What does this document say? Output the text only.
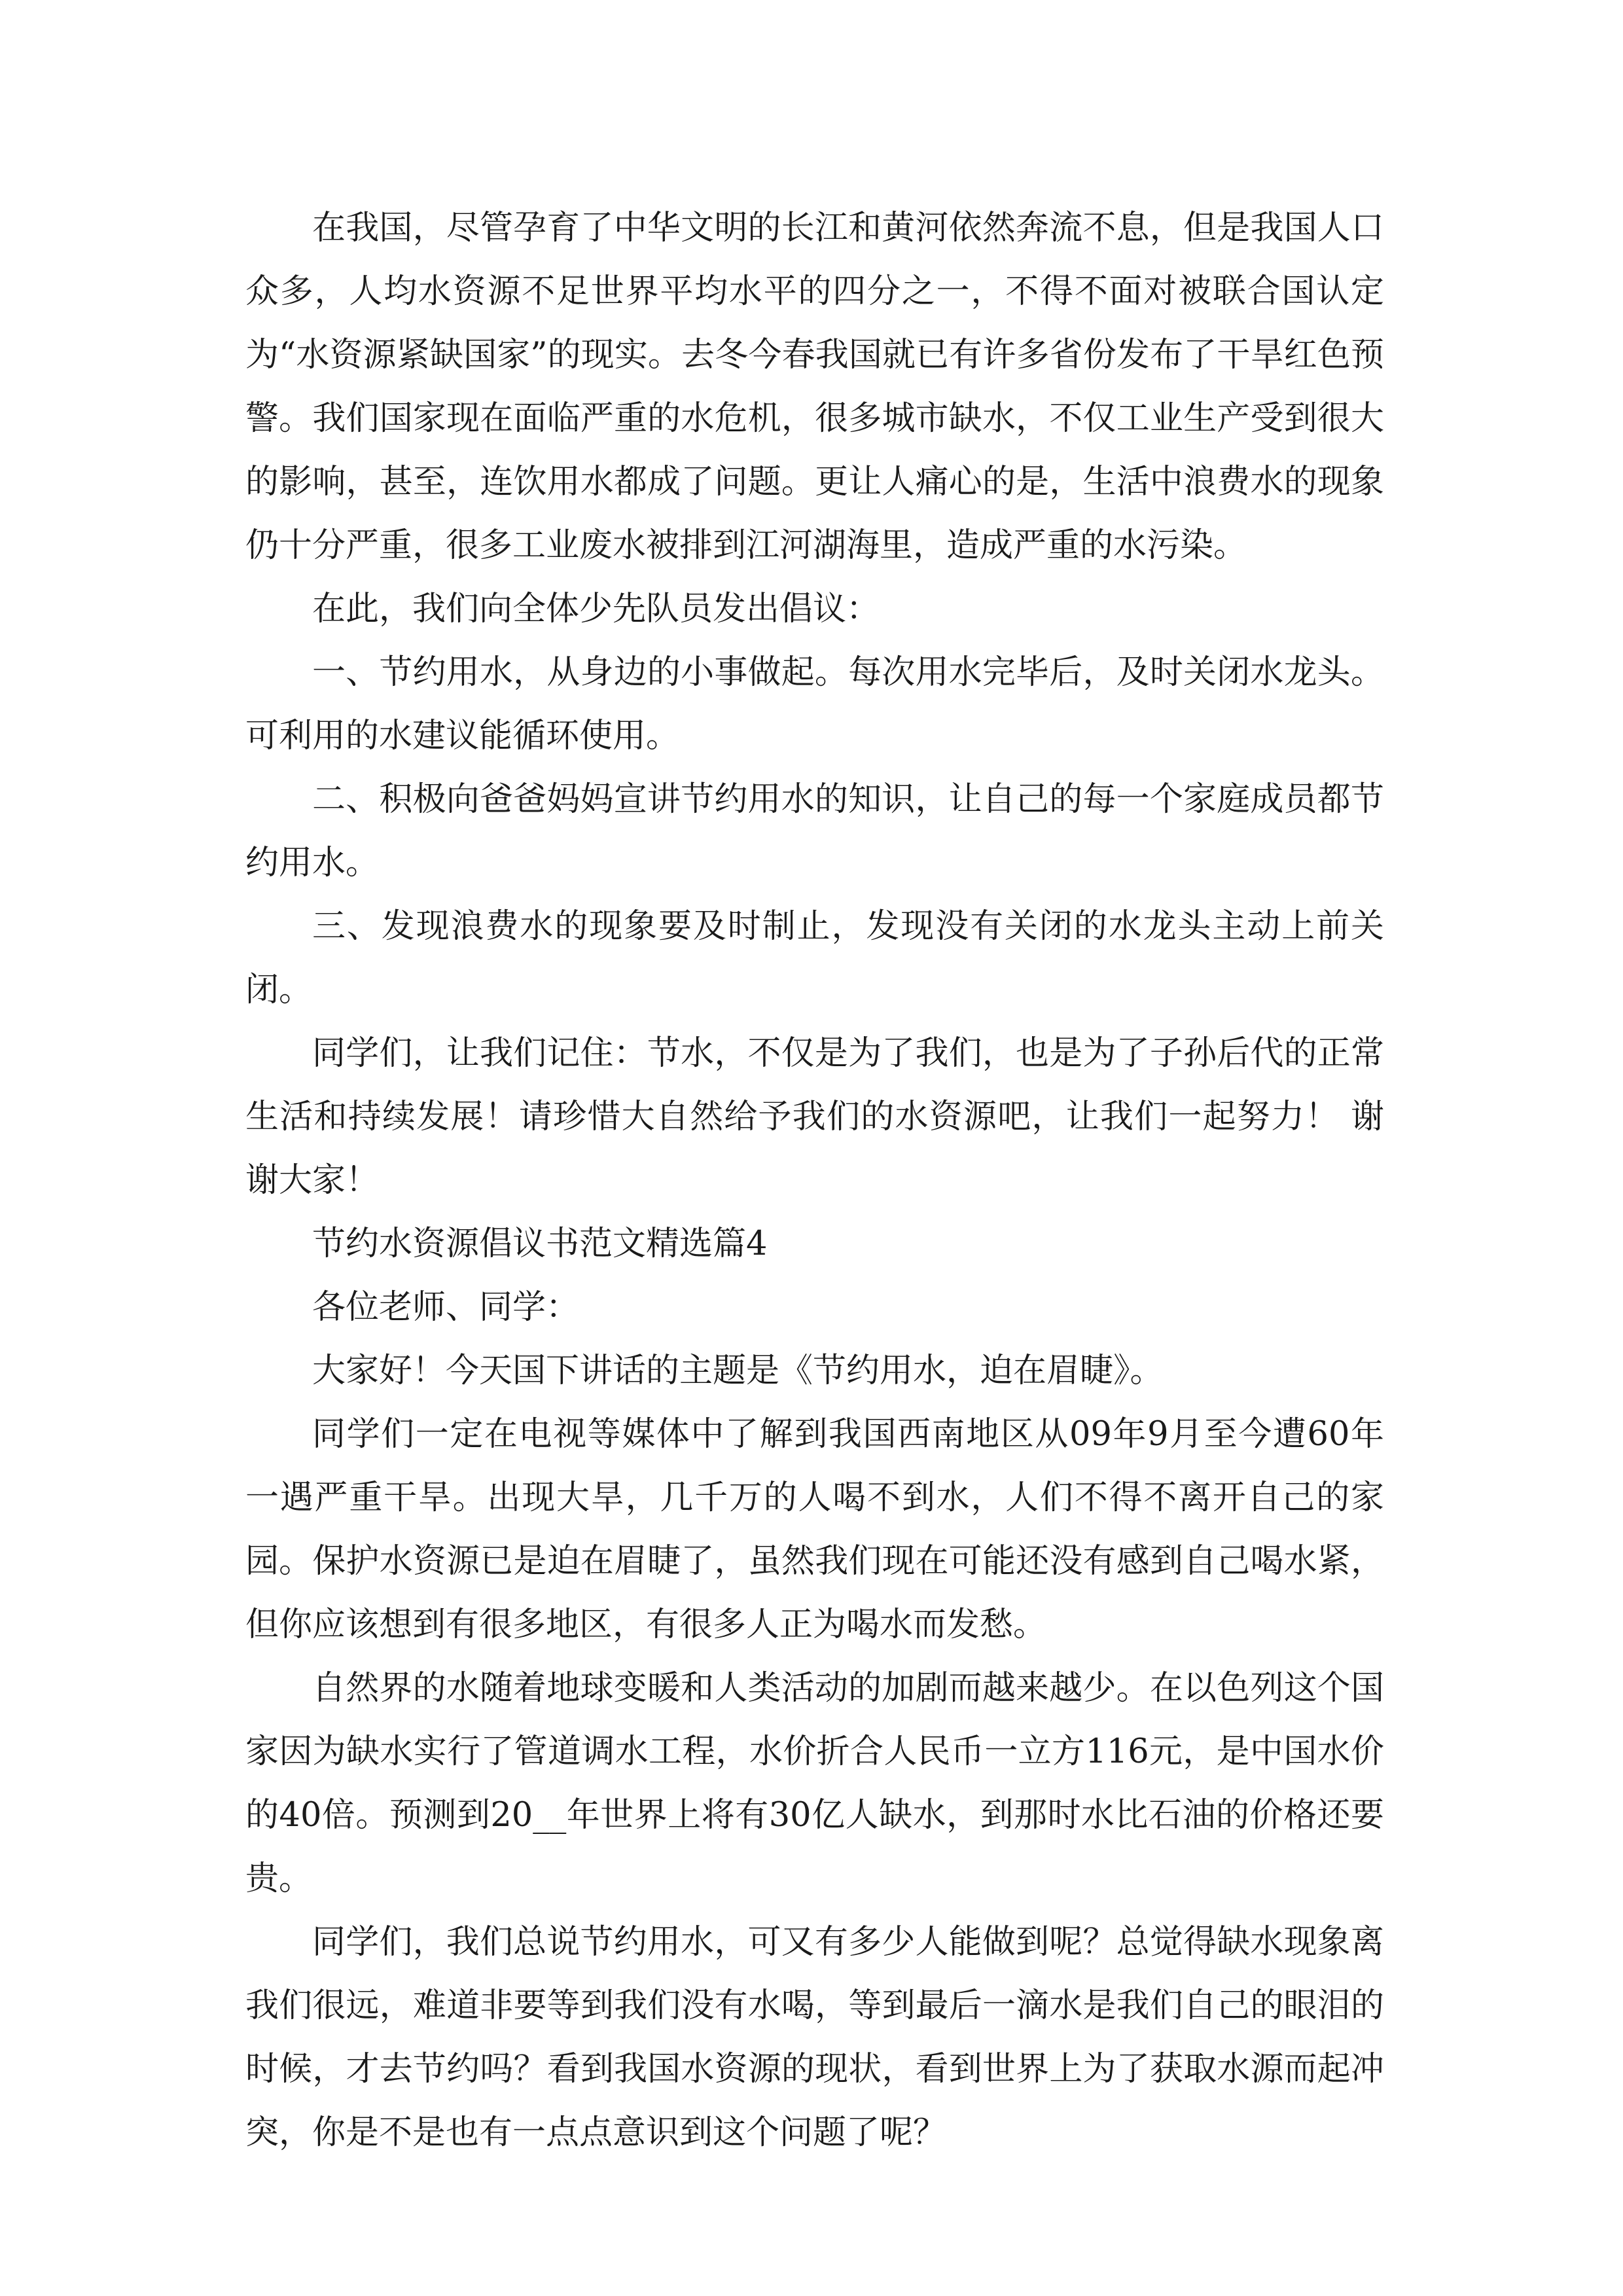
在我国，尽管孕育了中华文明的长江和黄河依然奔流不息，但是我国人口众多，人均水资源不足世界平均水平的四分之一，不得不面对被联合国认定为“水资源紧缺国家”的现实。去冬今春我国就已有许多省份发布了干旱红色预警。我们国家现在面临严重的水危机，很多城市缺水，不仅工业生产受到很大的影响，甚至，连饮用水都成了问题。更让人痛心的是，生活中浪费水的现象仍十分严重，很多工业废水被排到江河湖海里，造成严重的水污染。

在此，我们向全体少先队员发出倡议：

一、节约用水，从身边的小事做起。每次用水完毕后，及时关闭水龙头。可利用的水建议能循环使用。

二、积极向爸爸妈妈宣讲节约用水的知识，让自己的每一个家庭成员都节约用水。

三、发现浪费水的现象要及时制止，发现没有关闭的水龙头主动上前关闭。

同学们，让我们记住：节水，不仅是为了我们，也是为了子孙后代的正常生活和持续发展！请珍惜大自然给予我们的水资源吧，让我们一起努力！ 谢谢大家！

节约水资源倡议书范文精选篇4

各位老师、同学：

大家好！今天国下讲话的主题是《节约用水，迫在眉睫》。

同学们一定在电视等媒体中了解到我国西南地区从09年9月至今遭60年一遇严重干旱。出现大旱，几千万的人喝不到水，人们不得不离开自己的家园。保护水资源已是迫在眉睫了，虽然我们现在可能还没有感到自己喝水紧，但你应该想到有很多地区，有很多人正为喝水而发愁。

自然界的水随着地球变暖和人类活动的加剧而越来越少。在以色列这个国家因为缺水实行了管道调水工程，水价折合人民币一立方116元，是中国水价的40倍。预测到20__年世界上将有30亿人缺水，到那时水比石油的价格还要贵。

同学们，我们总说节约用水，可又有多少人能做到呢？总觉得缺水现象离我们很远，难道非要等到我们没有水喝，等到最后一滴水是我们自己的眼泪的时候，才去节约吗？看到我国水资源的现状，看到世界上为了获取水源而起冲突，你是不是也有一点点意识到这个问题了呢？
